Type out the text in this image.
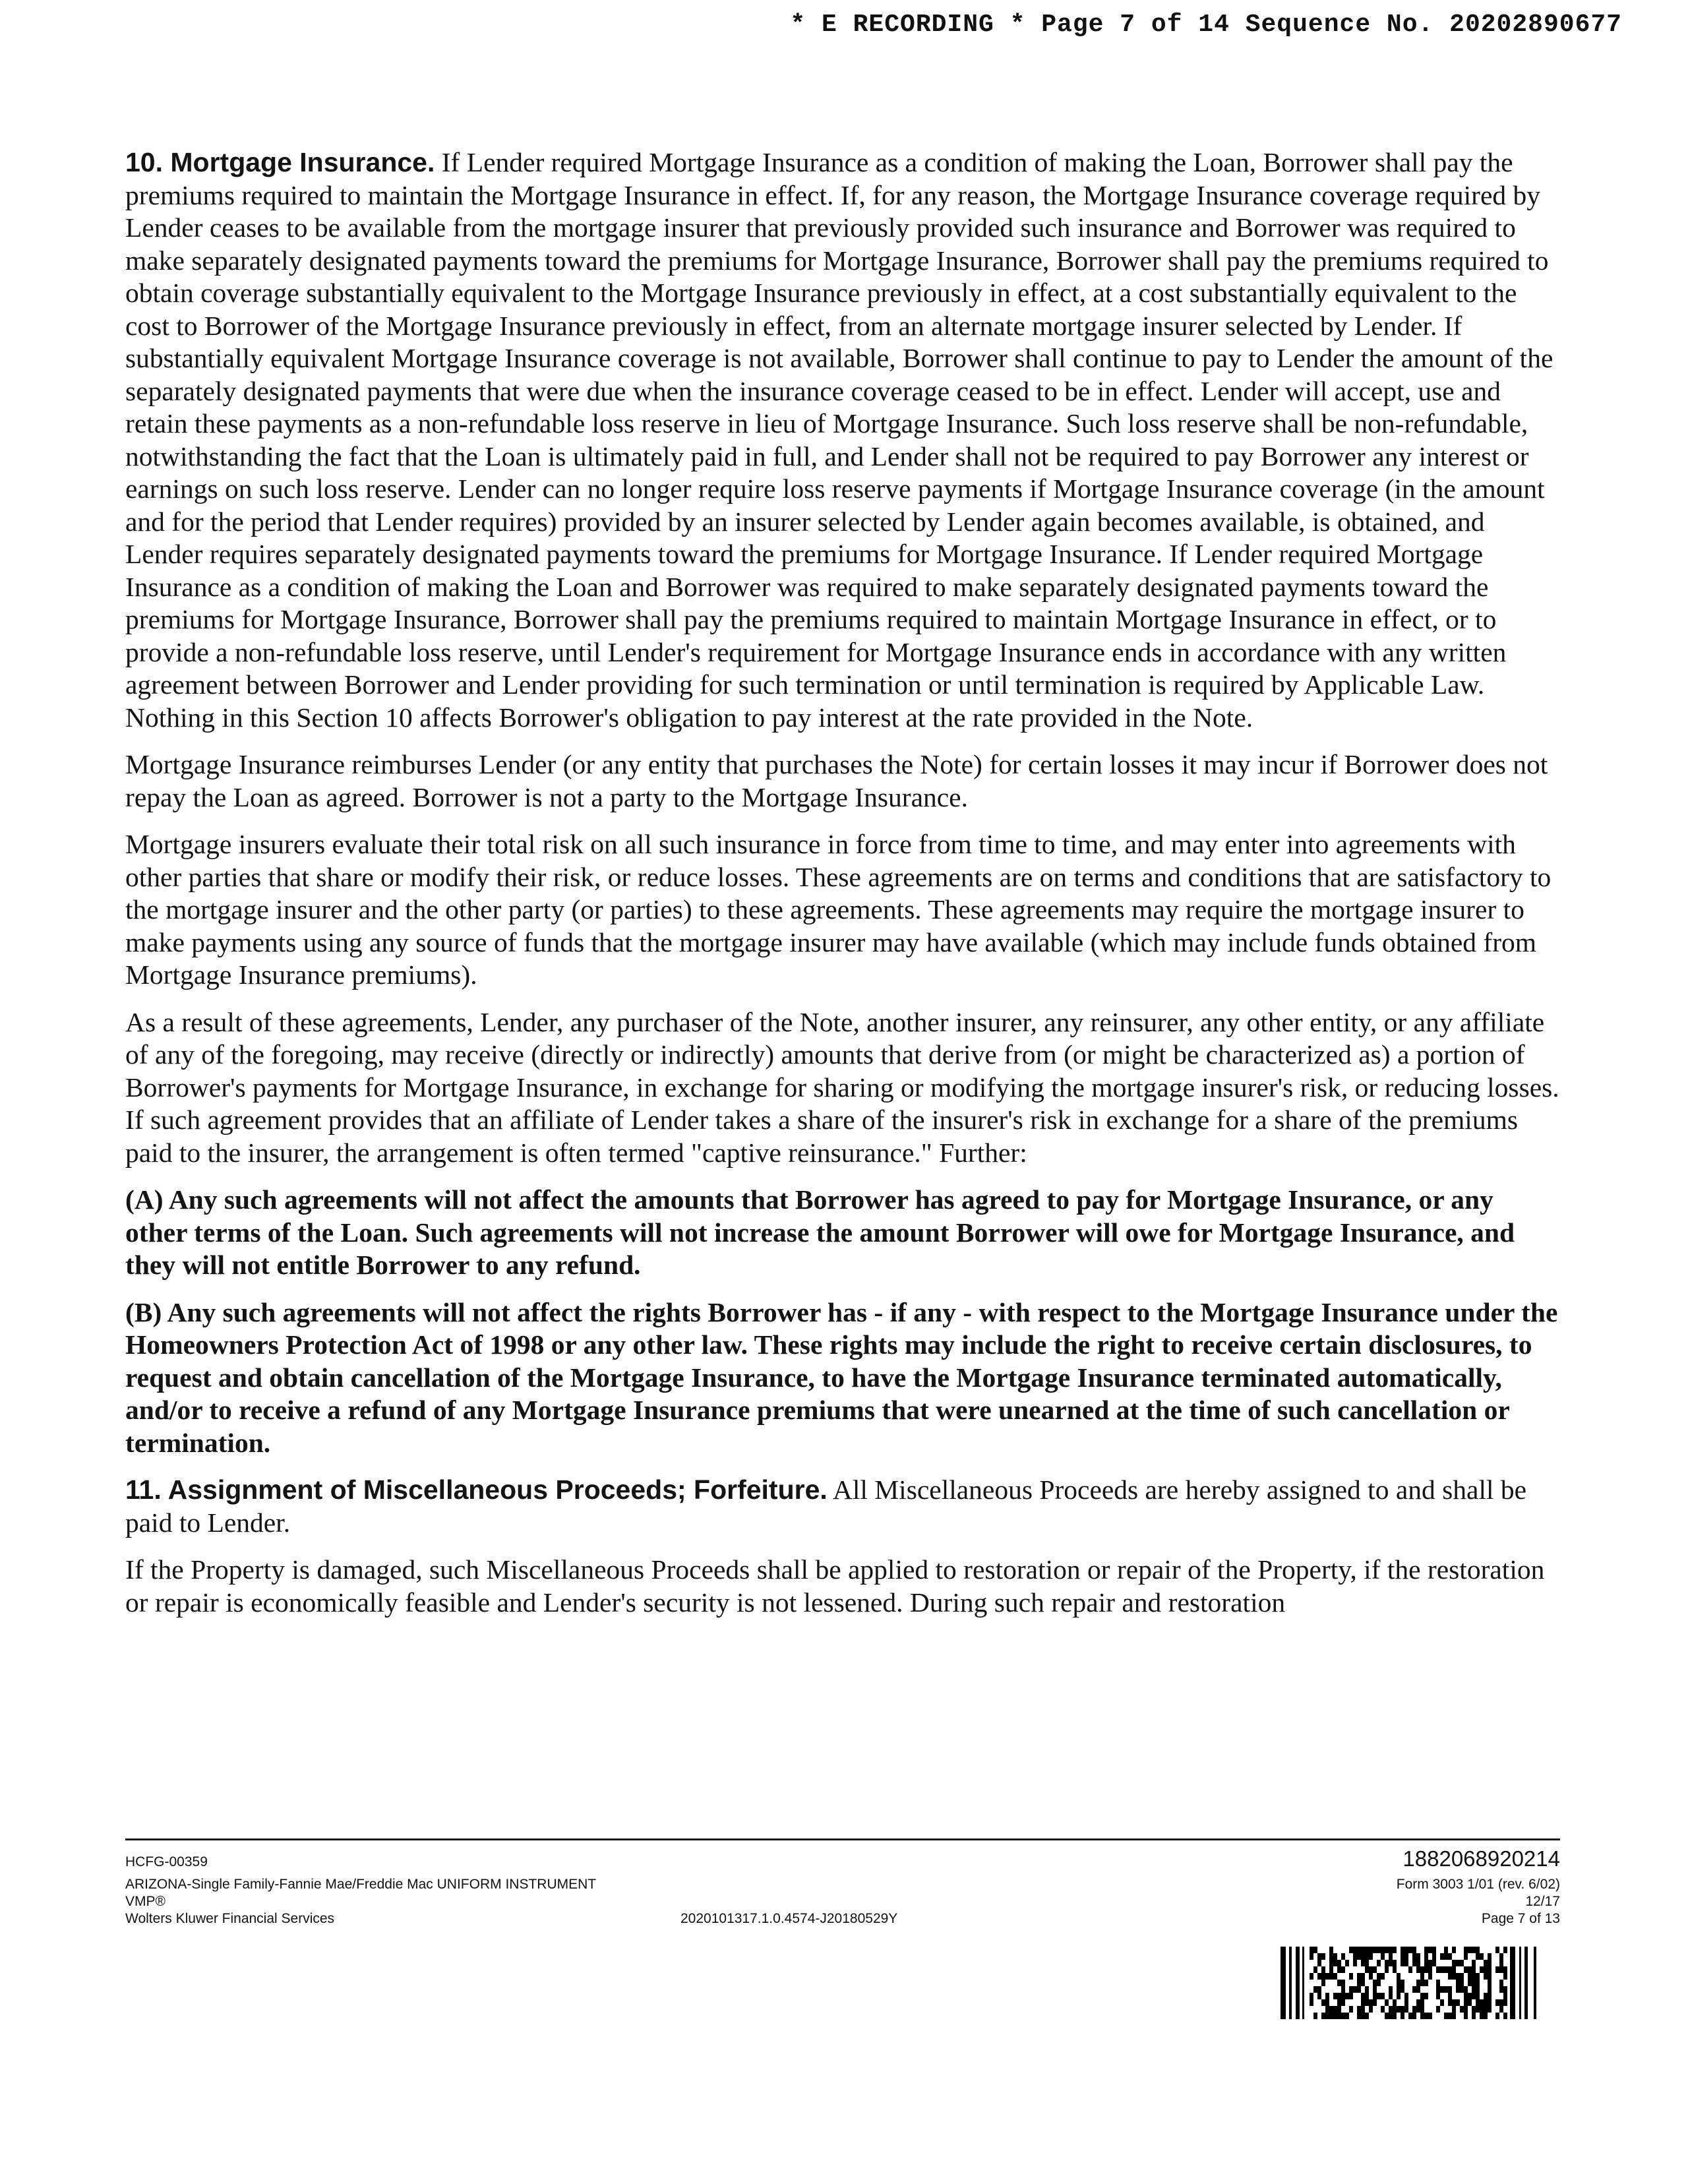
* E RECORDING * Page 7 of 14 Sequence No. 20202890677

10. Mortgage Insurance. If Lender required Mortgage Insurance as a condition of making the Loan, Borrower shall pay the premiums required to maintain the Mortgage Insurance in effect. If, for any reason, the Mortgage Insurance coverage required by Lender ceases to be available from the mortgage insurer that previously provided such insurance and Borrower was required to make separately designated payments toward the premiums for Mortgage Insurance, Borrower shall pay the premiums required to obtain coverage substantially equivalent to the Mortgage Insurance previously in effect, at a cost substantially equivalent to the cost to Borrower of the Mortgage Insurance previously in effect, from an alternate mortgage insurer selected by Lender. If substantially equivalent Mortgage Insurance coverage is not available, Borrower shall continue to pay to Lender the amount of the separately designated payments that were due when the insurance coverage ceased to be in effect. Lender will accept, use and retain these payments as a non-refundable loss reserve in lieu of Mortgage Insurance. Such loss reserve shall be non-refundable, notwithstanding the fact that the Loan is ultimately paid in full, and Lender shall not be required to pay Borrower any interest or earnings on such loss reserve. Lender can no longer require loss reserve payments if Mortgage Insurance coverage (in the amount and for the period that Lender requires) provided by an insurer selected by Lender again becomes available, is obtained, and Lender requires separately designated payments toward the premiums for Mortgage Insurance. If Lender required Mortgage Insurance as a condition of making the Loan and Borrower was required to make separately designated payments toward the premiums for Mortgage Insurance, Borrower shall pay the premiums required to maintain Mortgage Insurance in effect, or to provide a non-refundable loss reserve, until Lender's requirement for Mortgage Insurance ends in accordance with any written agreement between Borrower and Lender providing for such termination or until termination is required by Applicable Law. Nothing in this Section 10 affects Borrower's obligation to pay interest at the rate provided in the Note.

Mortgage Insurance reimburses Lender (or any entity that purchases the Note) for certain losses it may incur if Borrower does not repay the Loan as agreed. Borrower is not a party to the Mortgage Insurance.

Mortgage insurers evaluate their total risk on all such insurance in force from time to time, and may enter into agreements with other parties that share or modify their risk, or reduce losses. These agreements are on terms and conditions that are satisfactory to the mortgage insurer and the other party (or parties) to these agreements. These agreements may require the mortgage insurer to make payments using any source of funds that the mortgage insurer may have available (which may include funds obtained from Mortgage Insurance premiums).

As a result of these agreements, Lender, any purchaser of the Note, another insurer, any reinsurer, any other entity, or any affiliate of any of the foregoing, may receive (directly or indirectly) amounts that derive from (or might be characterized as) a portion of Borrower's payments for Mortgage Insurance, in exchange for sharing or modifying the mortgage insurer's risk, or reducing losses. If such agreement provides that an affiliate of Lender takes a share of the insurer's risk in exchange for a share of the premiums paid to the insurer, the arrangement is often termed "captive reinsurance." Further:

(A) Any such agreements will not affect the amounts that Borrower has agreed to pay for Mortgage Insurance, or any other terms of the Loan. Such agreements will not increase the amount Borrower will owe for Mortgage Insurance, and they will not entitle Borrower to any refund.

(B) Any such agreements will not affect the rights Borrower has - if any - with respect to the Mortgage Insurance under the Homeowners Protection Act of 1998 or any other law. These rights may include the right to receive certain disclosures, to request and obtain cancellation of the Mortgage Insurance, to have the Mortgage Insurance terminated automatically, and/or to receive a refund of any Mortgage Insurance premiums that were unearned at the time of such cancellation or termination.

11. Assignment of Miscellaneous Proceeds; Forfeiture. All Miscellaneous Proceeds are hereby assigned to and shall be paid to Lender.

If the Property is damaged, such Miscellaneous Proceeds shall be applied to restoration or repair of the Property, if the restoration or repair is economically feasible and Lender's security is not lessened. During such repair and restoration

HCFG-00359
ARIZONA-Single Family-Fannie Mae/Freddie Mac UNIFORM INSTRUMENT
VMP®
Wolters Kluwer Financial Services	2020101317.1.0.4574-J20180529Y
1882068920214
Form 3003 1/01 (rev. 6/02)
12/17
Page 7 of 13
